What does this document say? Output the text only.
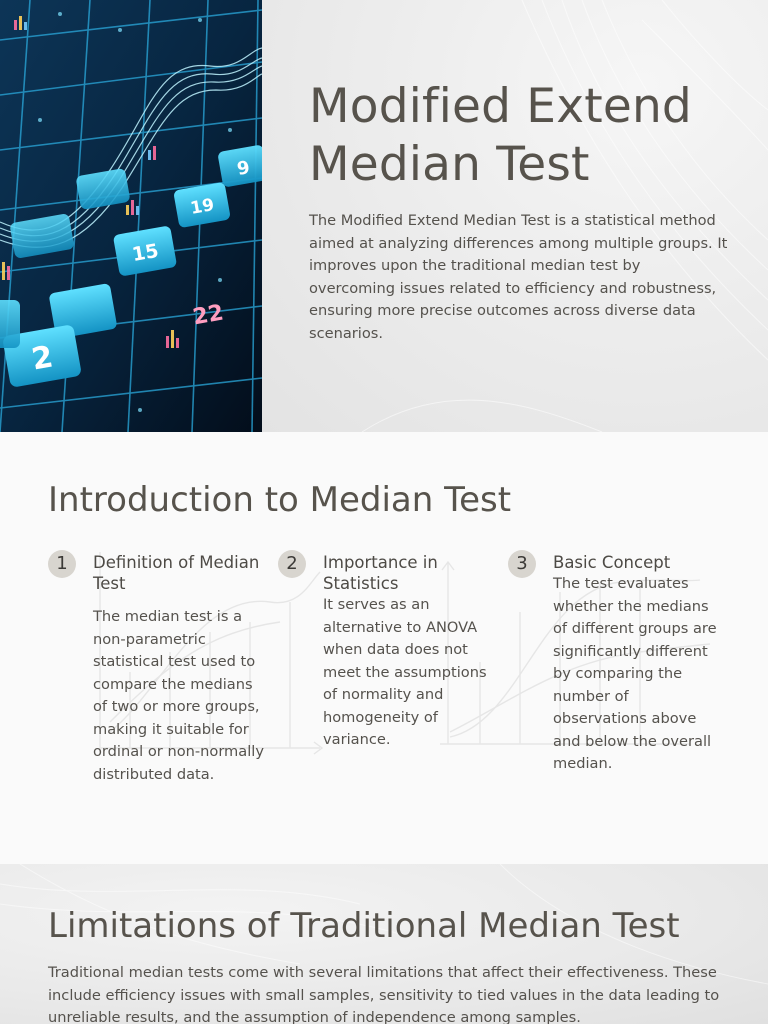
9
19
15
2
22
Modified Extend Median Test

The Modified Extend Median Test is a statistical method aimed at analyzing differences among multiple groups. It improves upon the traditional median test by overcoming issues related to efficiency and robustness, ensuring more precise outcomes across diverse data scenarios.

Introduction to Median Test
1	Definition of Median Test

The median test is a non-parametric statistical test used to compare the medians of two or more groups, making it suitable for ordinal or non-normally distributed data.

2	Importance in Statistics

It serves as an alternative to ANOVA when data does not meet the assumptions of normality and homogeneity of variance.

3	Basic Concept

The test evaluates whether the medians of different groups are significantly different by comparing the number of observations above and below the overall median.

Limitations of Traditional Median Test

Traditional median tests come with several limitations that affect their effectiveness. These include efficiency issues with small samples, sensitivity to tied values in the data leading to unreliable results, and the assumption of independence among samples.
